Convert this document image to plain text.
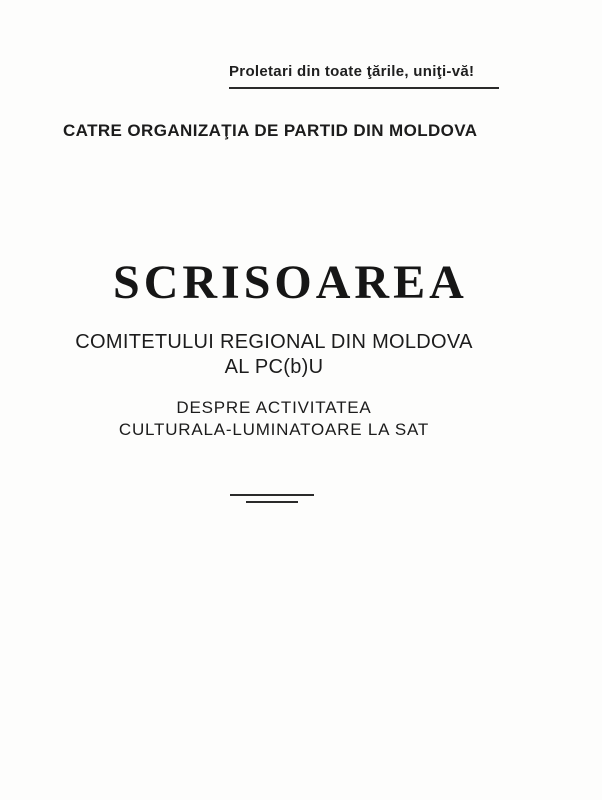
Proletari din toate ţările, uniţi-vă!
CATRE ORGANIZAŢIA DE PARTID DIN MOLDOVA
SCRISOAREA
COMITETULUI REGIONAL DIN MOLDOVA
AL PC(b)U
DESPRE ACTIVITATEA
CULTURALA-LUMINATOARE LA SAT
